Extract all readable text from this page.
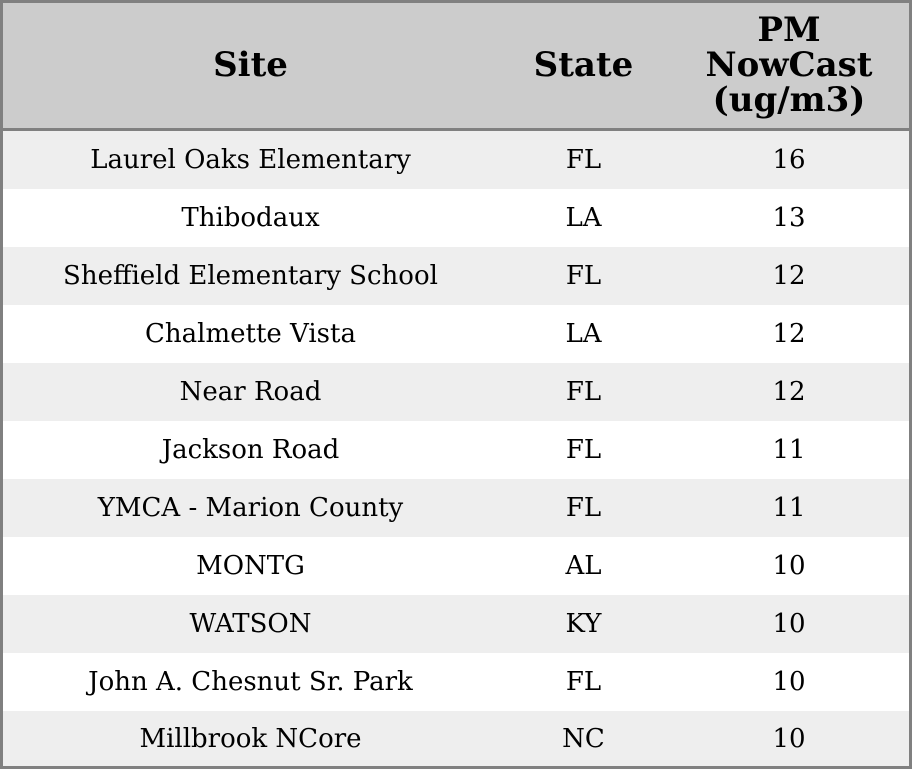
Site	State	PM
NowCast
(ug/m3)

Laurel Oaks Elementary	FL	16
Thibodaux	LA	13
Sheffield Elementary School	FL	12
Chalmette Vista	LA	12
Near Road	FL	12
Jackson Road	FL	11
YMCA - Marion County	FL	11
MONTG	AL	10
WATSON	KY	10
John A. Chesnut Sr. Park	FL	10
Millbrook NCore	NC	10
